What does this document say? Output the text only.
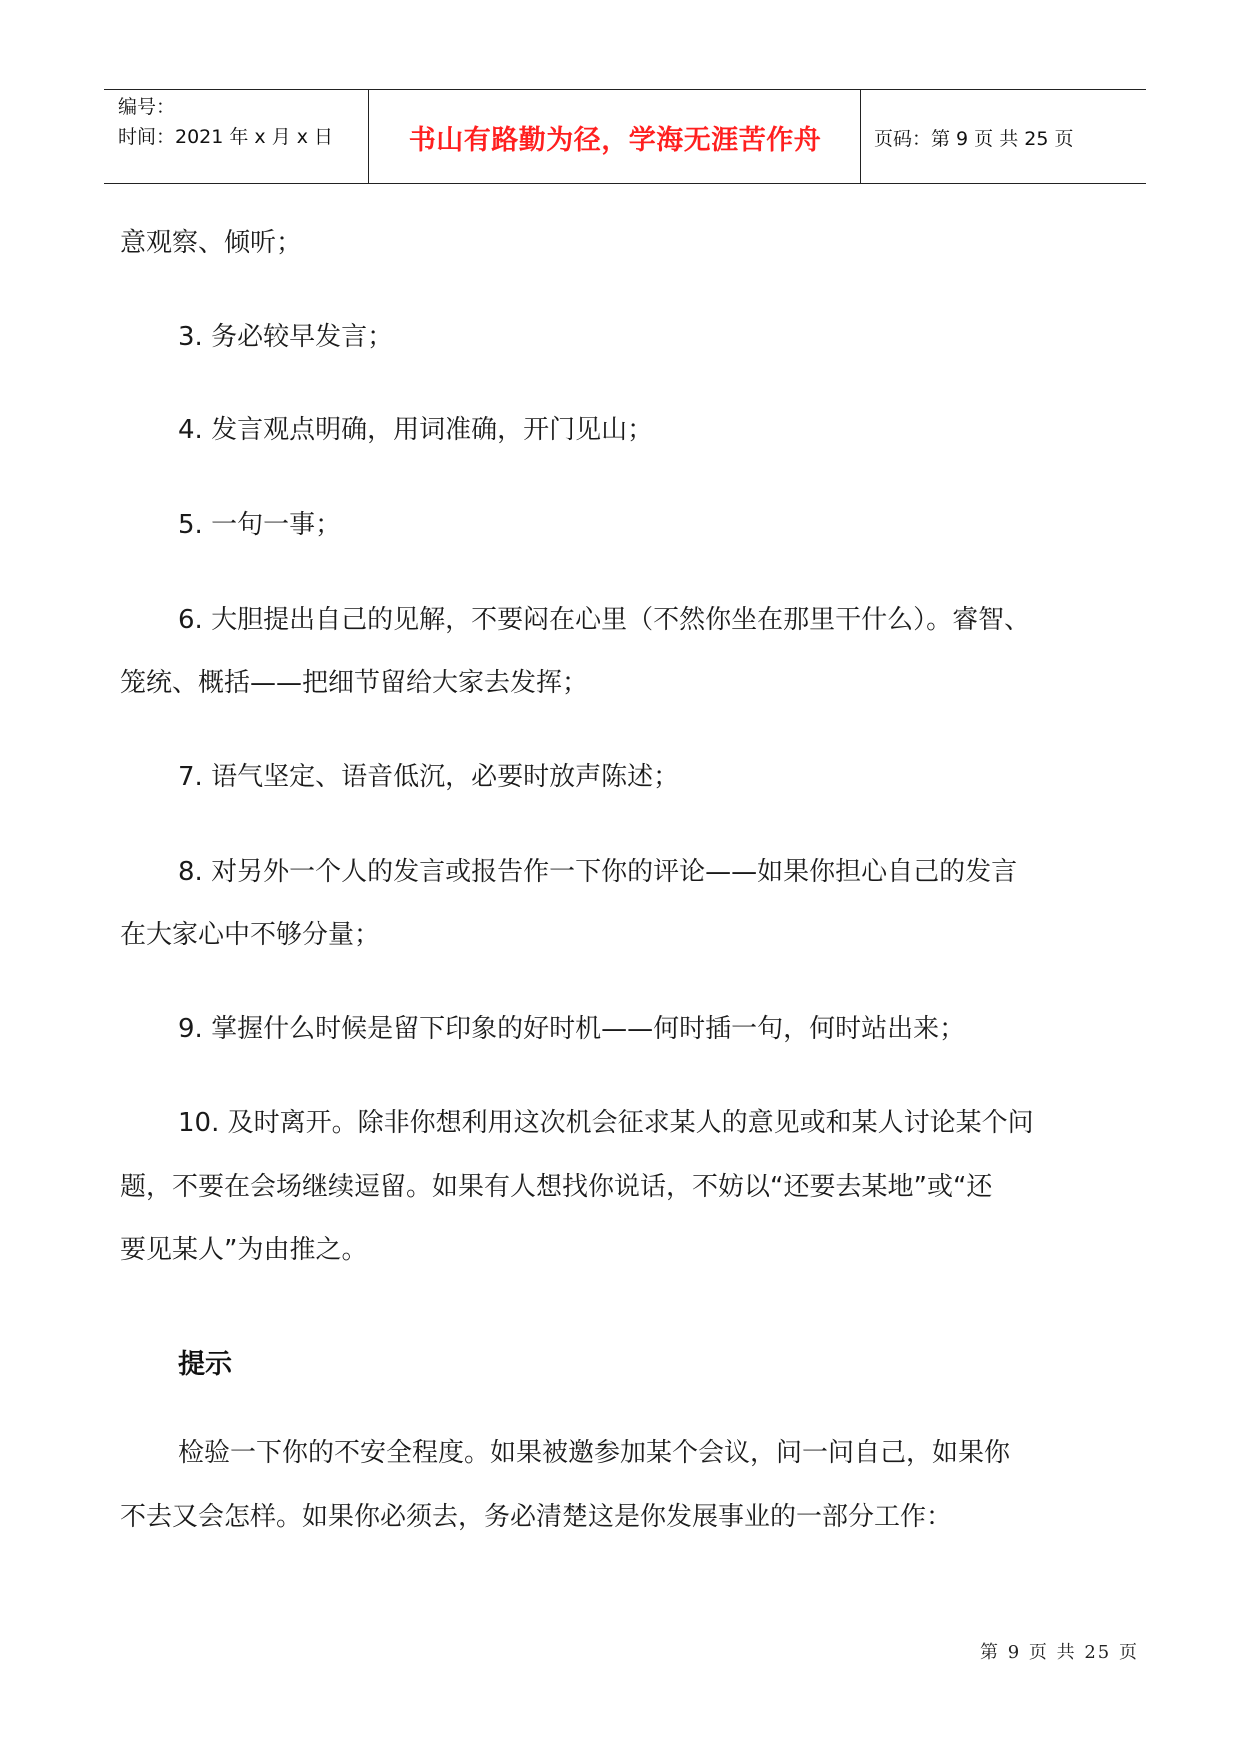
编号：
时间：2021 年 x 月 x 日	书山有路勤为径，学海无涯苦作舟	页码：第 9 页 共 25 页
意观察、倾听；
3. 务必较早发言；
4. 发言观点明确，用词准确，开门见山；
5. 一句一事；
6. 大胆提出自己的见解，不要闷在心里（不然你坐在那里干什么）。睿智、
笼统、概括——把细节留给大家去发挥；
7. 语气坚定、语音低沉，必要时放声陈述；
8. 对另外一个人的发言或报告作一下你的评论——如果你担心自己的发言
在大家心中不够分量；
9. 掌握什么时候是留下印象的好时机——何时插一句，何时站出来；
10. 及时离开。除非你想利用这次机会征求某人的意见或和某人讨论某个问
题，不要在会场继续逗留。如果有人想找你说话，不妨以“还要去某地”或“还
要见某人”为由推之。
提示
检验一下你的不安全程度。如果被邀参加某个会议，问一问自己，如果你
不去又会怎样。如果你必须去，务必清楚这是你发展事业的一部分工作：
第 9 页 共 25 页
